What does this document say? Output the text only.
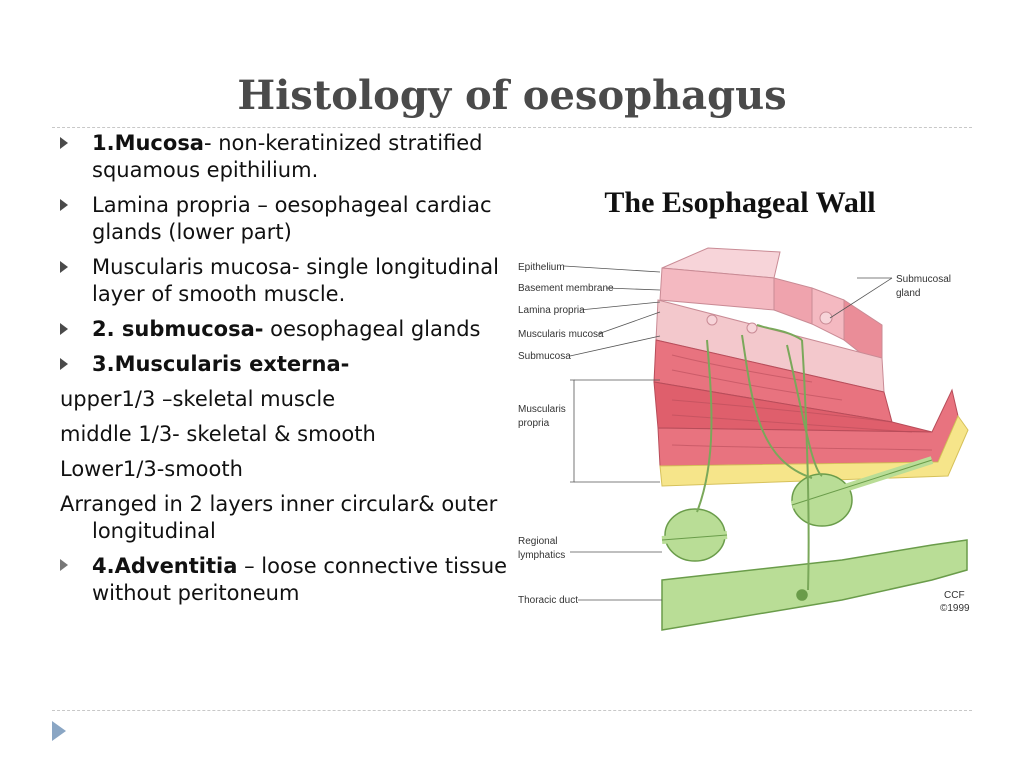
Histology of oesophagus
1.Mucosa- non-keratinized stratified squamous epithilium.
Lamina propria – oesophageal cardiac glands (lower part)
Muscularis mucosa- single longitudinal layer of smooth muscle.
2. submucosa- oesophageal glands
3.Muscularis externa-
upper1/3 –skeletal muscle
middle 1/3- skeletal & smooth
Lower1/3-smooth
Arranged in 2 layers inner circular& outer longitudinal
4.Adventitia – loose connective tissue without peritoneum
The Esophageal Wall
Epithelium
Basement membrane
Lamina propria
Muscularis mucosa
Submucosa
Muscularis
propria
Submucosal
gland
Regional
lymphatics
Thoracic duct	CCF
©1999
